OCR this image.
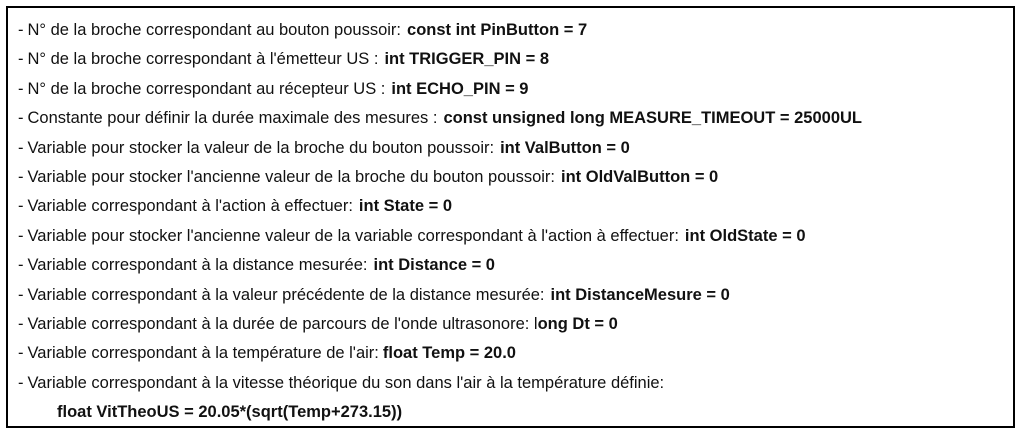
- N° de la broche correspondant au bouton poussoir: const int PinButton = 7
- N° de la broche correspondant à l'émetteur US : int TRIGGER_PIN = 8
- N° de la broche correspondant au récepteur US : int ECHO_PIN = 9
- Constante pour définir la durée maximale des mesures : const unsigned long MEASURE_TIMEOUT = 25000UL
- Variable pour stocker la valeur de la broche du bouton poussoir: int ValButton = 0
- Variable pour stocker l'ancienne valeur de la broche du bouton poussoir: int OldValButton = 0
- Variable correspondant à l'action à effectuer: int State = 0
- Variable pour stocker l'ancienne valeur de la variable correspondant à l'action à effectuer: int OldState = 0
- Variable correspondant à la distance mesurée: int Distance = 0
- Variable correspondant à la valeur précédente de la distance mesurée: int DistanceMesure = 0
- Variable correspondant à la durée de parcours de l'onde ultrasonore: long Dt = 0
- Variable correspondant à la température de l'air: float Temp = 20.0
- Variable correspondant à la vitesse théorique du son dans l'air à la température définie:
float VitTheoUS = 20.05*(sqrt(Temp+273.15))
